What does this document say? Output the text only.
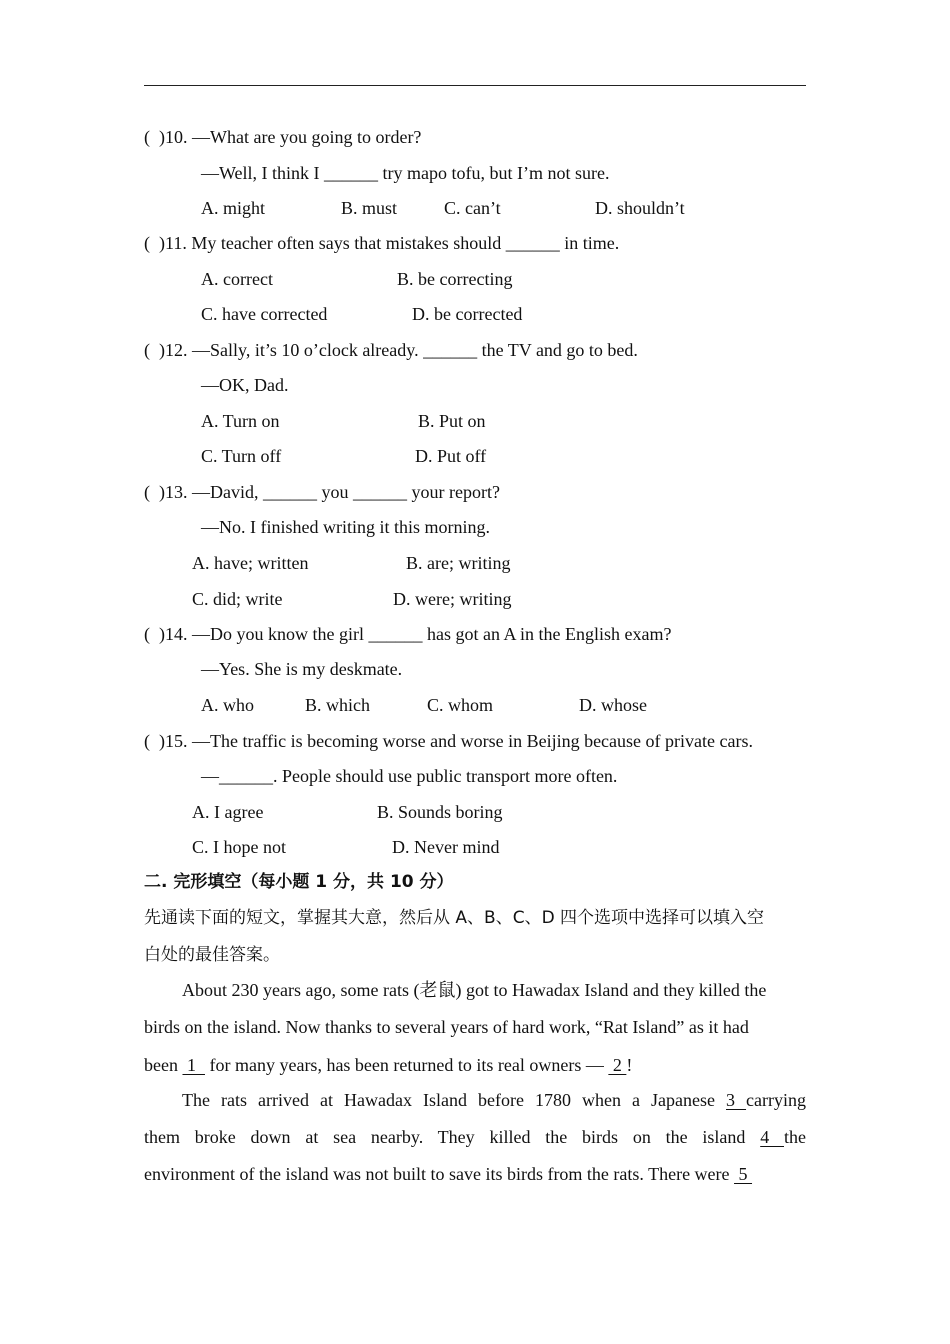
(  )10. —What are you going to order?
—Well, I think I ______ try mapo tofu, but I’m not sure.
A. might	B. must	C. can’t	D. shouldn’t
(  )11. My teacher often says that mistakes should ______ in time.
A. correct	B. be correcting
C. have corrected	D. be corrected
(  )12. —Sally, it’s 10 o’clock already. ______ the TV and go to bed.
—OK, Dad.
A. Turn on	B. Put on
C. Turn off	D. Put off
(  )13. —David, ______ you ______ your report?
—No. I finished writing it this morning.
A. have; written	B. are; writing
C. did; write	D. were; writing
(  )14. —Do you know the girl ______ has got an A in the English exam?
—Yes. She is my deskmate.
A. who	B. which	C. whom	D. whose
(  )15. —The traffic is becoming worse and worse in Beijing because of private cars.
—______. People should use public transport more often.
A. I agree	B. Sounds boring
C. I hope not	D. Never mind
二. 完形填空（每小题 1 分，共 10 分）
先通读下面的短文，掌握其大意，然后从 A、B、C、D 四个选项中选择可以填入空
白处的最佳答案。
About 230 years ago, some rats (老鼠) got to Hawadax Island and they killed the
birds on the island. Now thanks to several years of hard work, “Rat Island” as it had
been  1   for many years, has been returned to its real owners —  2 !
The rats arrived at Hawadax Island before 1780 when a Japanese 3 carrying
them broke down at sea nearby. They killed the birds on the island 4 the
environment of the island was not built to save its birds from the rats. There were  5
